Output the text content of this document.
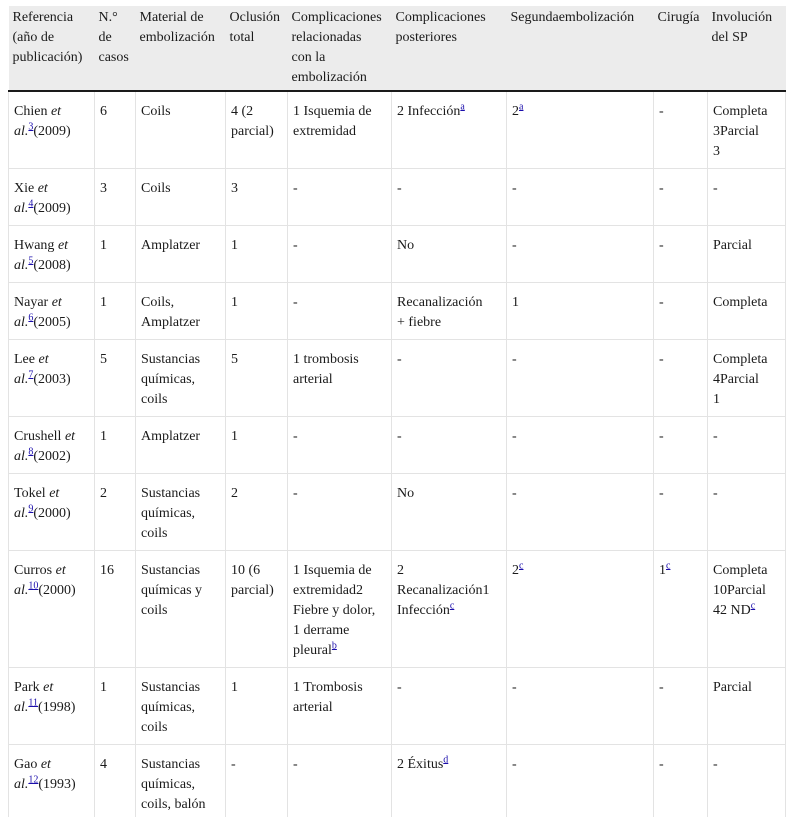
Referencia
(año de
publicación)	N.°
de
casos	Material de
embolización	Oclusión
total	Complicaciones
relacionadas
con la
embolización	Complicaciones
posteriores	Segundaembolización	Cirugía	Involución
del SP

Chien et al.$^3$(2009)	6	Coils	4 (2
parcial)	1 Isquemia de
extremidad	2 Infección$^a$	2$^a$	-	Completa
3Parcial
3

Xie et al.$^4$(2009)	3	Coils	3	-	-	-	-	-

Hwang et al.$^5$(2008)	1	Amplatzer	1	-	No	-	-	Parcial

Nayar et al.$^6$(2005)	1	Coils,
Amplatzer	1	-	Recanalización
+ fiebre	1	-	Completa

Lee et al.$^7$(2003)	5	Sustancias
químicas,
coils	5	1 trombosis
arterial	-	-	-	Completa
4Parcial
1

Crushell et al.$^8$(2002)	1	Amplatzer	1	-	-	-	-	-

Tokel et al.$^9$(2000)	2	Sustancias
químicas,
coils	2	-	No	-	-	-

Curros et al.$^{10}$(2000)	16	Sustancias
químicas y
coils	10 (6
parcial)	1 Isquemia de
extremidad2
Fiebre y dolor,
1 derrame
pleural$^b$	2
Recanalización1
Infección$^c$	2$^c$	1$^c$	Completa
10Parcial
42 ND$^c$

Park et al.$^{11}$(1998)	1	Sustancias
químicas,
coils	1	1 Trombosis
arterial	-	-	-	Parcial

Gao et al.$^{12}$(1993)	4	Sustancias
químicas,
coils, balón	-	-	2 Éxitus$^d$	-	-	-
